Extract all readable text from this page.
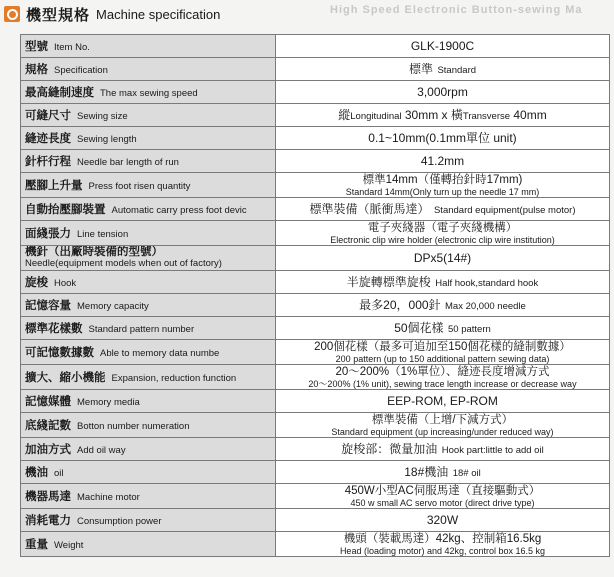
機型規格 Machine specification	High Speed Electronic Button-sewing Ma
型號 Item No.	GLK-1900C
規格 Specification	標準 Standard
最高縫制速度 The max sewing speed	3,000rpm
可縫尺寸 Sewing size	縱Longitudinal 30mm x 橫Transverse 40mm
縫迹長度 Sewing length	0.1~10mm(0.1mm單位 unit)
針杆行程 Needle bar length of run	41.2mm
壓腳上升量 Press foot risen quantity	標準14mm（僅轉抬針時17mm)
Standard 14mm(Only turn up the needle 17 mm)

自動抬壓腳裝置 Automatic carry press foot devic	標準裝備（脈衝馬達） Standard equipment(pulse motor)
面綫張力 Line tension	電子夾綫器（電子夾綫機構）
Electronic clip wire holder (electronic clip wire institution)

機針（出廠時裝備的型號）
Needle(equipment models when out of factory)	DPx5(14#)
旋梭 Hook	半旋轉標準旋梭 Half hook,standard hook
記憶容量 Memory capacity	最多20，000針 Max 20,000 needle
標準花樣數 Standard pattern number	50個花樣 50 pattern
可記憶數據數 Able to memory data numbe	200個花樣（最多可追加至150個花樣的縫制數據）
200 pattern (up to 150 additional pattern sewing data)

擴大、縮小機能 Expansion, reduction function	20～200%（1%單位）、縫迹長度增減方式
20～200% (1% unit), sewing trace length increase or decrease way

記憶媒體 Memory media	EEP-ROM, EP-ROM
底綫記數 Botton number numeration	標準裝備（上增/下減方式）
Standard equipment (up increasing/under reduced way)

加油方式 Add oil way	旋梭部：微量加油 Hook part:little to add oil
機油 oil	18#機油 18# oil
機器馬達 Machine motor	450W小型AC伺服馬達（直接驅動式）
450 w small AC servo motor (direct drive type)

消耗電力 Consumption power	320W
重量 Weight	機頭（裝載馬達）42kg、控制箱16.5kg
Head (loading motor) and 42kg, control box 16.5 kg
